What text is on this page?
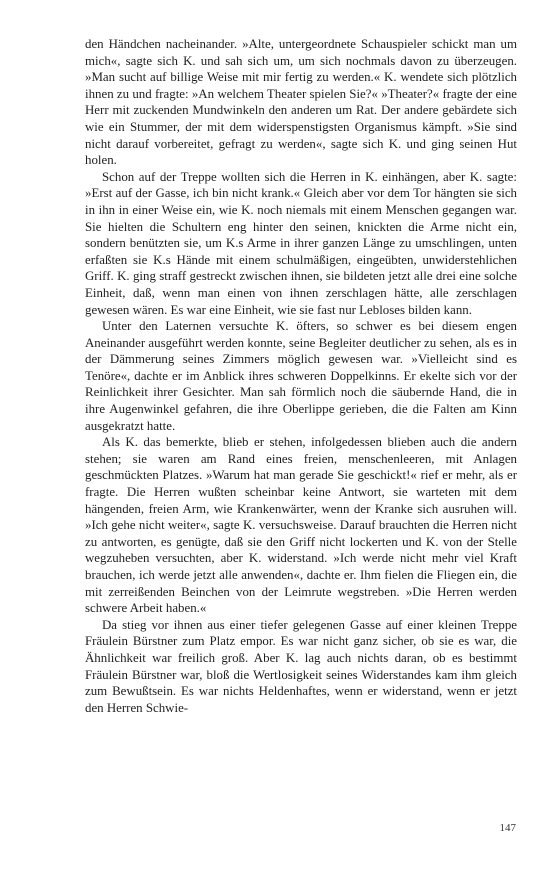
den Händchen nacheinander. »Alte, untergeordnete Schauspieler schickt man um mich«, sagte sich K. und sah sich um, um sich nochmals davon zu überzeugen. »Man sucht auf billige Weise mit mir fertig zu werden.« K. wendete sich plötzlich ihnen zu und fragte: »An welchem Theater spielen Sie?« »Theater?« fragte der eine Herr mit zuckenden Mundwinkeln den anderen um Rat. Der andere gebärdete sich wie ein Stummer, der mit dem widerspenstigsten Organismus kämpft. »Sie sind nicht darauf vorbereitet, gefragt zu werden«, sagte sich K. und ging seinen Hut holen.

Schon auf der Treppe wollten sich die Herren in K. einhängen, aber K. sagte: »Erst auf der Gasse, ich bin nicht krank.« Gleich aber vor dem Tor hängten sie sich in ihn in einer Weise ein, wie K. noch niemals mit einem Menschen gegangen war. Sie hielten die Schultern eng hinter den seinen, knickten die Arme nicht ein, sondern benützten sie, um K.s Arme in ihrer ganzen Länge zu umschlingen, unten erfaßten sie K.s Hände mit einem schulmäßigen, eingeübten, unwiderstehlichen Griff. K. ging straff gestreckt zwischen ihnen, sie bildeten jetzt alle drei eine solche Einheit, daß, wenn man einen von ihnen zerschlagen hätte, alle zerschlagen gewesen wären. Es war eine Einheit, wie sie fast nur Lebloses bilden kann.

Unter den Laternen versuchte K. öfters, so schwer es bei diesem engen Aneinander ausgeführt werden konnte, seine Begleiter deutlicher zu sehen, als es in der Dämmerung seines Zimmers möglich gewesen war. »Vielleicht sind es Tenöre«, dachte er im Anblick ihres schweren Doppelkinns. Er ekelte sich vor der Reinlichkeit ihrer Gesichter. Man sah förmlich noch die säubernde Hand, die in ihre Augenwinkel gefahren, die ihre Oberlippe gerieben, die die Falten am Kinn ausgekratzt hatte.

Als K. das bemerkte, blieb er stehen, infolgedessen blieben auch die andern stehen; sie waren am Rand eines freien, menschenleeren, mit Anlagen geschmückten Platzes. »Warum hat man gerade Sie geschickt!« rief er mehr, als er fragte. Die Herren wußten scheinbar keine Antwort, sie warteten mit dem hängenden, freien Arm, wie Krankenwärter, wenn der Kranke sich ausruhen will. »Ich gehe nicht weiter«, sagte K. versuchsweise. Darauf brauchten die Herren nicht zu antworten, es genügte, daß sie den Griff nicht lockerten und K. von der Stelle wegzuheben versuchten, aber K. widerstand. »Ich werde nicht mehr viel Kraft brauchen, ich werde jetzt alle anwenden«, dachte er. Ihm fielen die Fliegen ein, die mit zerreißenden Beinchen von der Leimrute wegstreben. »Die Herren werden schwere Arbeit haben.«

Da stieg vor ihnen aus einer tiefer gelegenen Gasse auf einer kleinen Treppe Fräulein Bürstner zum Platz empor. Es war nicht ganz sicher, ob sie es war, die Ähnlichkeit war freilich groß. Aber K. lag auch nichts daran, ob es bestimmt Fräulein Bürstner war, bloß die Wertlosigkeit seines Widerstandes kam ihm gleich zum Bewußtsein. Es war nichts Heldenhaftes, wenn er widerstand, wenn er jetzt den Herren Schwie-

147
